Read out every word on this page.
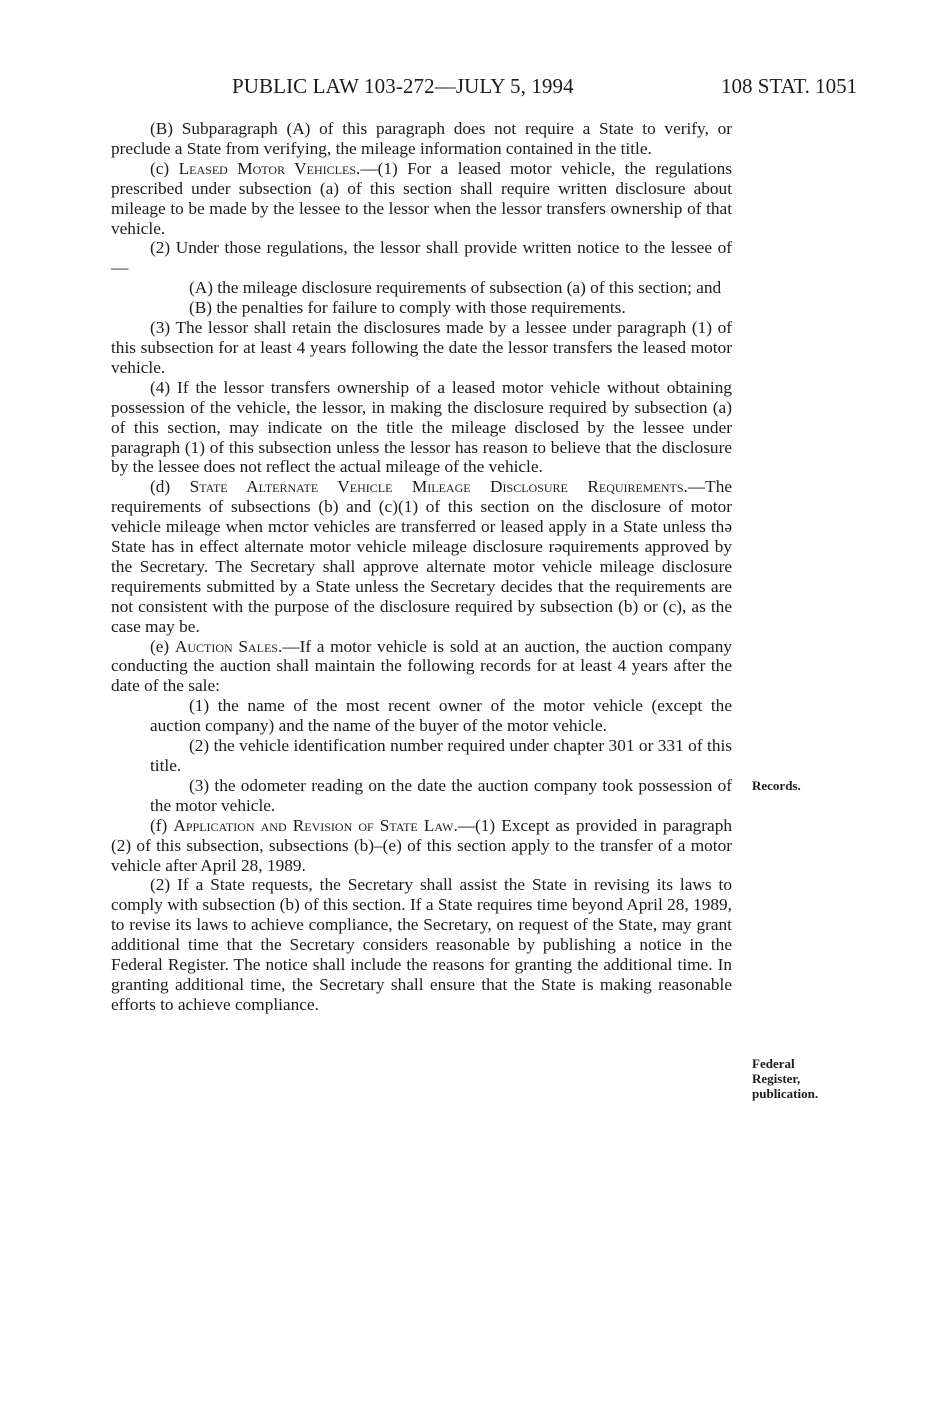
PUBLIC LAW 103-272—JULY 5, 1994	108 STAT. 1051

(B) Subparagraph (A) of this paragraph does not require a State to verify, or preclude a State from verifying, the mileage information contained in the title.

(c) Leased Motor Vehicles.—(1) For a leased motor vehicle, the regulations prescribed under subsection (a) of this section shall require written disclosure about mileage to be made by the lessee to the lessor when the lessor transfers ownership of that vehicle.

(2) Under those regulations, the lessor shall provide written notice to the lessee of—

(A) the mileage disclosure requirements of subsection (a) of this section; and

(B) the penalties for failure to comply with those requirements.

(3) The lessor shall retain the disclosures made by a lessee under paragraph (1) of this subsection for at least 4 years following the date the lessor transfers the leased motor vehicle.

(4) If the lessor transfers ownership of a leased motor vehicle without obtaining possession of the vehicle, the lessor, in making the disclosure required by subsection (a) of this section, may indicate on the title the mileage disclosed by the lessee under paragraph (1) of this subsection unless the lessor has reason to believe that the disclosure by the lessee does not reflect the actual mileage of the vehicle.

(d) State Alternate Vehicle Mileage Disclosure Requirements.—The requirements of subsections (b) and (c)(1) of this section on the disclosure of motor vehicle mileage when mctor vehicles are transferred or leased apply in a State unless thə State has in effect alternate motor vehicle mileage disclosure rəquirements approved by the Secretary. The Secretary shall approve alternate motor vehicle mileage disclosure requirements submitted by a State unless the Secretary decides that the requirements are not consistent with the purpose of the disclosure required by subsection (b) or (c), as the case may be.

(e) Auction Sales.—If a motor vehicle is sold at an auction, the auction company conducting the auction shall maintain the following records for at least 4 years after the date of the sale:

(1) the name of the most recent owner of the motor vehicle (except the auction company) and the name of the buyer of the motor vehicle.

(2) the vehicle identification number required under chapter 301 or 331 of this title.

(3) the odometer reading on the date the auction company took possession of the motor vehicle.

(f) Application and Revision of State Law.—(1) Except as provided in paragraph (2) of this subsection, subsections (b)–(e) of this section apply to the transfer of a motor vehicle after April 28, 1989.

(2) If a State requests, the Secretary shall assist the State in revising its laws to comply with subsection (b) of this section. If a State requires time beyond April 28, 1989, to revise its laws to achieve compliance, the Secretary, on request of the State, may grant additional time that the Secretary considers reasonable by publishing a notice in the Federal Register. The notice shall include the reasons for granting the additional time. In granting additional time, the Secretary shall ensure that the State is making reasonable efforts to achieve compliance.

Records.
Federal
Register,
publication.
